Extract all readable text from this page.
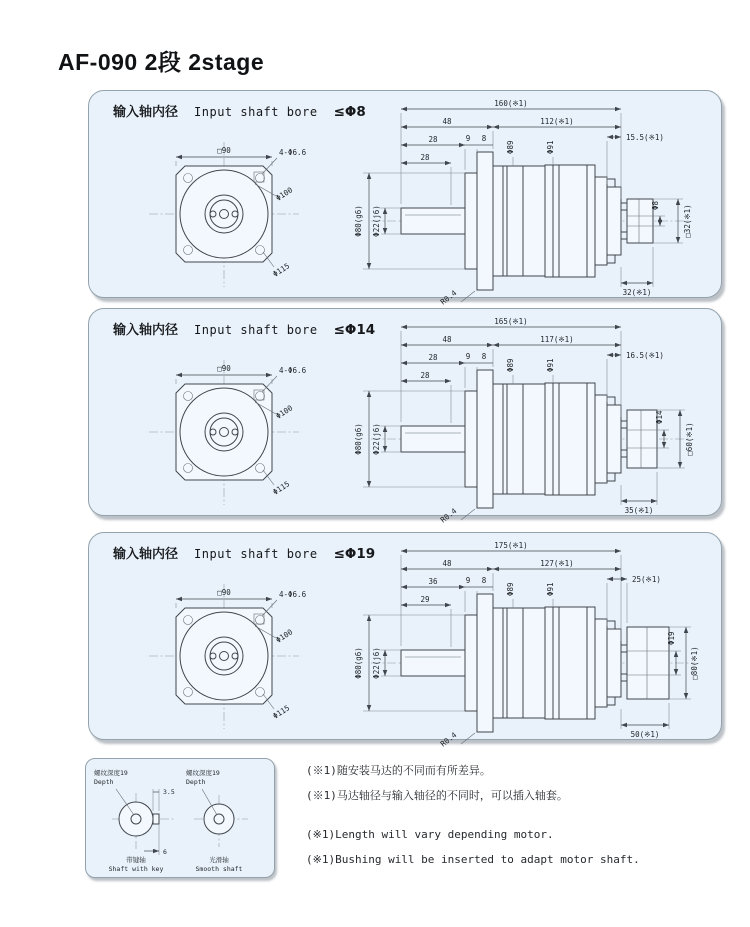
AF-090 2段 2stage
输入轴内径 Input shaft bore ≤Φ8
□90	4-Φ6.6
Φ100
Φ115
R0.4
160(※1)
48	112(※1)
28	9 8
28
15.5(※1)
Φ89	Φ91
Φ80(g6) Φ22(j6)	Φ8	□32(※1)
32(※1)
输入轴内径 Input shaft bore ≤Φ14
□90	4-Φ6.6
Φ100
Φ115
R0.4
165(※1)
48	117(※1)
28	9 8
28
16.5(※1)
Φ89	Φ91
Φ80(g6) Φ22(j6)
Φ14
□60(※1)
35(※1)
输入轴内径 Input shaft bore ≤Φ19
□90	4-Φ6.6
Φ100
Φ115
R0.4
175(※1)
48	127(※1)
36	9 8
29
25(※1)
Φ89	Φ91
Φ80(g6) Φ22(j6)
Φ19
□80(※1)
50(※1)
3.5
6
螺纹深度19
Depth
带键轴
Shaft with key
螺纹深度19
Depth
光滑轴
Smooth shaft

(※1)随安装马达的不同而有所差异。

(※1)马达轴径与输入轴径的不同时，可以插入轴套。

(※1)Length will vary depending motor.

(※1)Bushing will be inserted to adapt motor shaft.
